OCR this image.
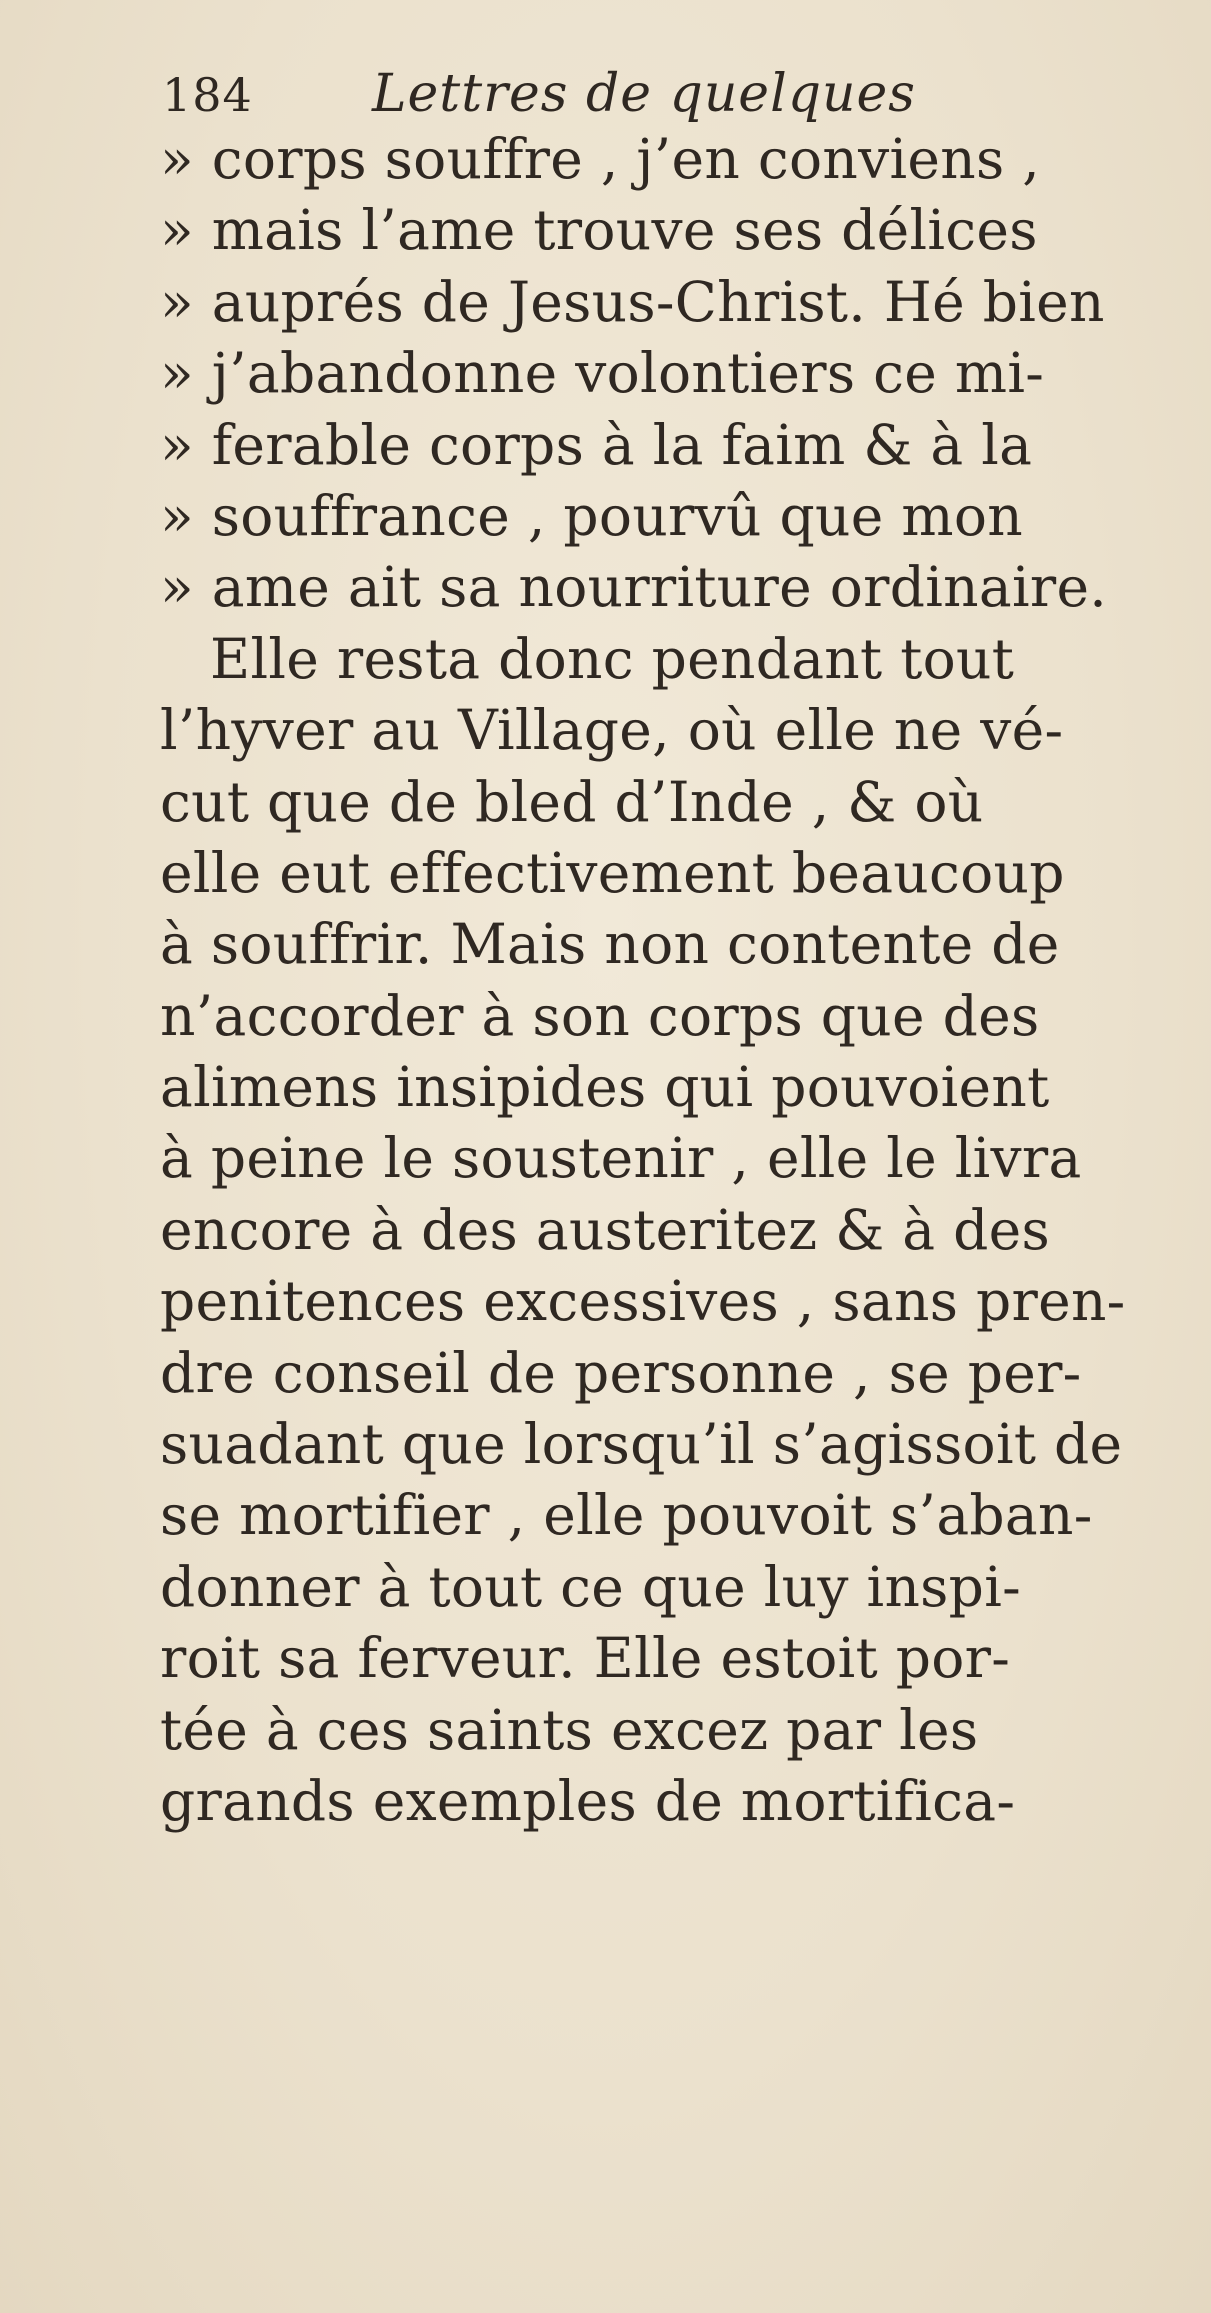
184 Lettres de quelques
» corps souffre , j’en conviens ,
» mais l’ame trouve ses délices
» auprés de Jesus-Christ. Hé bien
» j’abandonne volontiers ce mi-
» ferable corps à la faim & à la
» souffrance , pourvû que mon
» ame ait sa nourriture ordinaire.
Elle resta donc pendant tout
l’hyver au Village, où elle ne vé-
cut que de bled d’Inde , & où
elle eut effectivement beaucoup
à souffrir. Mais non contente de
n’accorder à son corps que des
alimens insipides qui pouvoient
à peine le soustenir , elle le livra
encore à des austeritez & à des
penitences excessives , sans pren-
dre conseil de personne , se per-
suadant que lorsqu’il s’agissoit de
se mortifier , elle pouvoit s’aban-
donner à tout ce que luy inspi-
roit sa ferveur. Elle estoit por-
tée à ces saints excez par les
grands exemples de mortifica-
